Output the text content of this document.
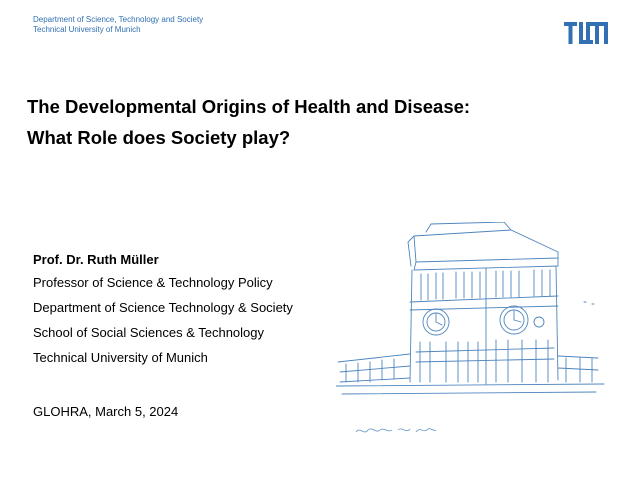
Department of Science, Technology and Society
Technical University of Munich
The Developmental Origins of Health and Disease:
What Role does Society play?
Prof. Dr. Ruth Müller
Professor of Science & Technology Policy
Department of Science Technology & Society
School of Social Sciences & Technology
Technical University of Munich
GLOHRA, March 5, 2024
